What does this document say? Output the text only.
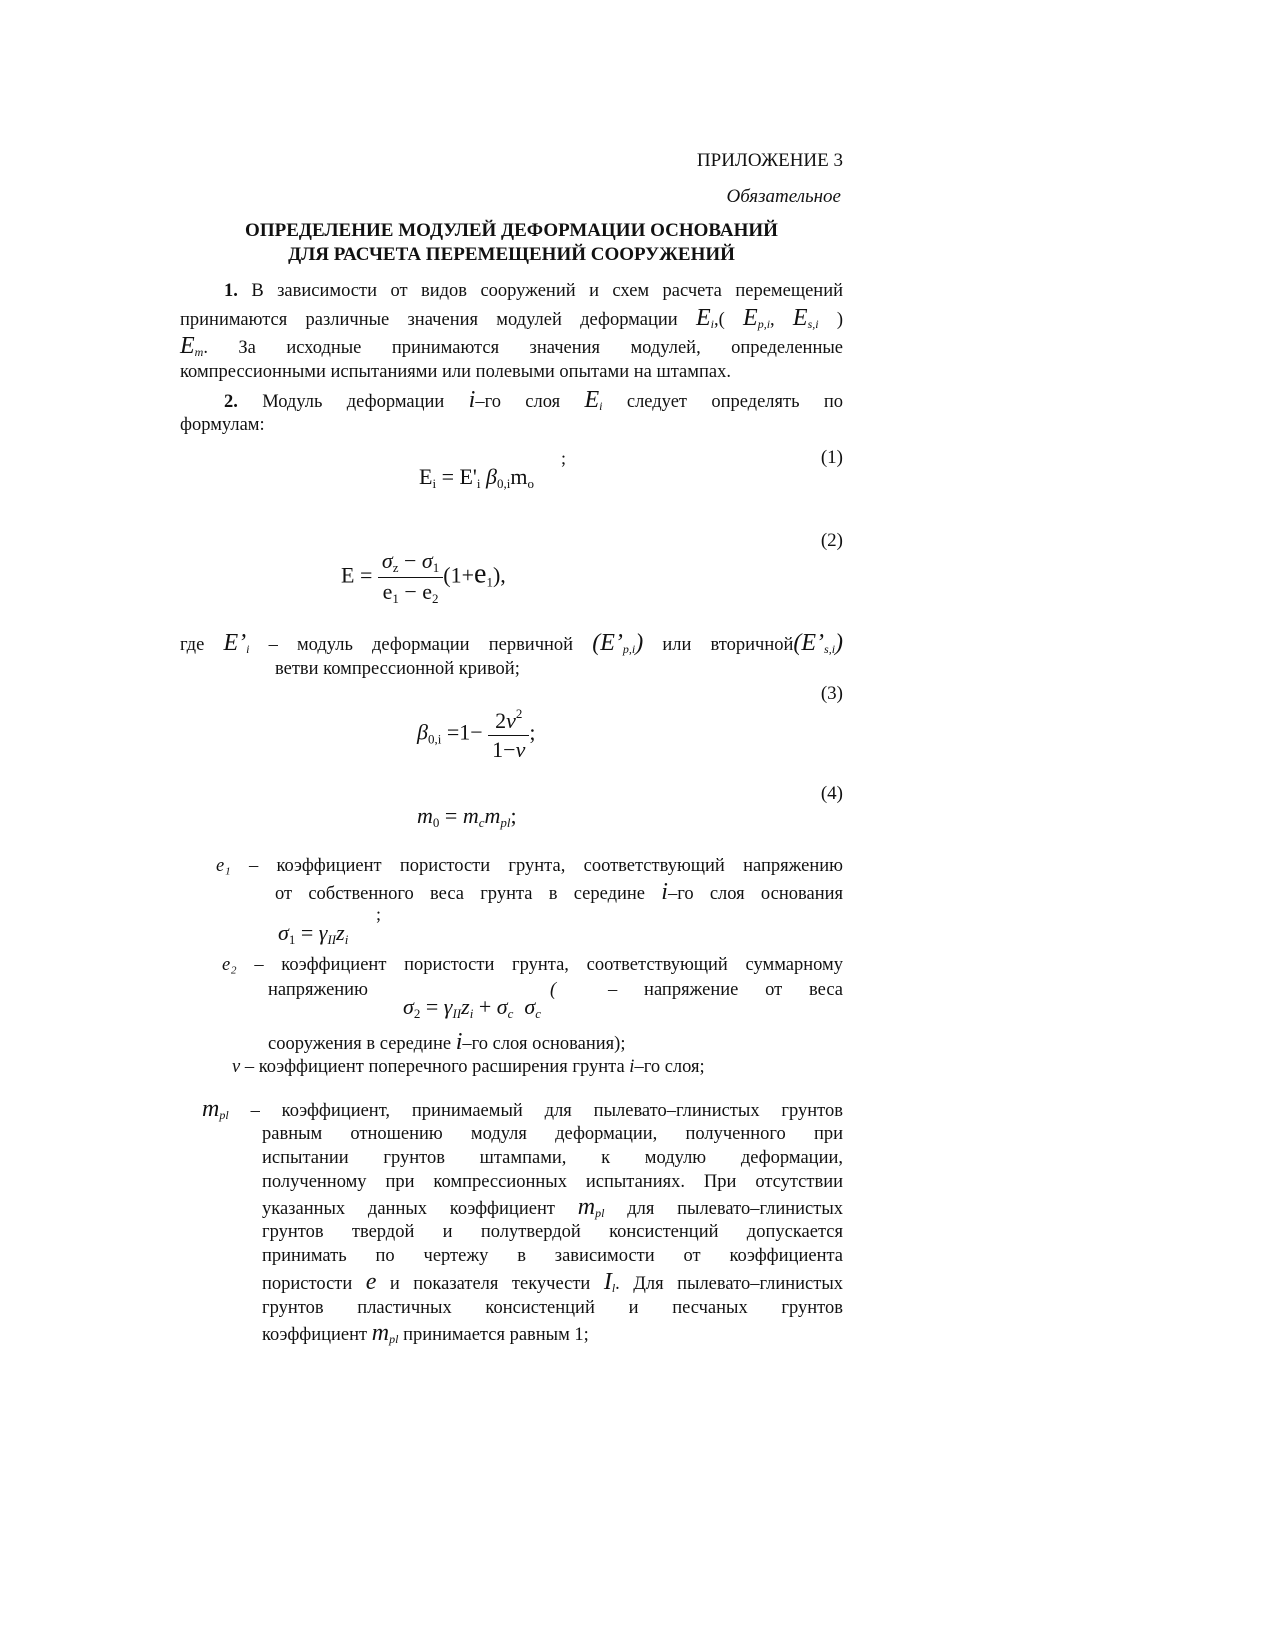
ПРИЛОЖЕНИЕ 3
Обязательное
ОПРЕДЕЛЕНИЕ МОДУЛЕЙ ДЕФОРМАЦИИ ОСНОВАНИЙ
ДЛЯ РАСЧЕТА ПЕРЕМЕЩЕНИЙ СООРУЖЕНИЙ
1. В зависимости от видов сооружений и схем расчета перемещений
принимаются различные значения модулей деформации $E_i$,( $E_{p,i}$, $E_{s,i}$ )
$E_m$. За исходные принимаются значения модулей, определенные
компрессионными испытаниями или полевыми опытами на штампах.
2. Модуль деформации i–го слоя $E_i$ следует определять по
формулам:
(1)
Ei = E'i β0,imo
;
(2)
$E = \frac{\sigma z - \sigma 1}{e1 - e2} (1+e1)$,
где $E’_i$ – модуль деформации первичной $(E’_{p,i})$ или $вторичной(E’_{s,i})$
ветви компрессионной кривой;
(3)
$\beta 0,i =1- \frac{2\nu^2}{1-\nu}$ ;
(4)
m0 = mcmpl;
e₁ – коэффициент пористости грунта, соответствующий напряжению
от собственного веса грунта в середине i–го слоя основания
;
σ1 = γIIzi
e₂ – коэффициент пористости грунта, соответствующий суммарному
напряжению	(	– напряжение от веса
σ2 = γIIzi + σc σc
сооружения в середине i–го слоя основания);
ν – коэффициент поперечного расширения грунта i–го слоя;
$m_{pl}$ – коэффициент, принимаемый для пылевато–глинистых грунтов
равным отношению модуля деформации, полученного при
испытании грунтов штампами, к модулю деформации,
полученному при компрессионных испытаниях. При отсутствии
указанных данных коэффициент $m_{pl}$ для пылевато–глинистых
грунтов твердой и полутвердой консистенций допускается
принимать по чертежу в зависимости от коэффициента
пористости e и показателя текучести $I_l$. Для пылевато–глинистых
грунтов пластичных консистенций и песчаных грунтов
коэффициент $m_{pl}$ принимается равным 1;
